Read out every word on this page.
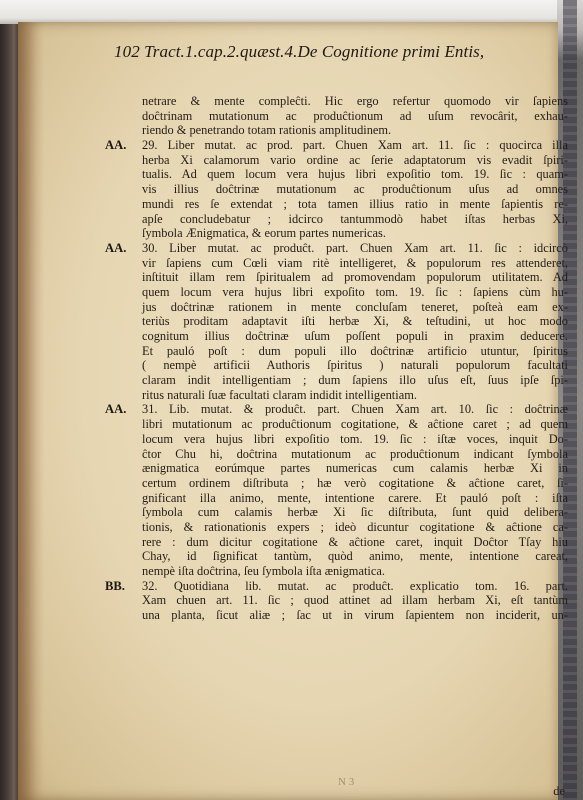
102 Tract.1.cap.2.quæst.4.De Cognitione primi Entis,
netrare & mente compleĉti. Hic ergo refertur quomodo vir ſapiens
doĉtrinam mutationum ac produĉtionum ad uſum revocârit, exhau-
riendo & penetrando totam rationis amplitudinem.
AA. 29. Liber mutat. ac prod. part. Chuen Xam art. 11. ſic : quocirca illa
herba Xi calamorum vario ordine ac ſerie adaptatorum vis evadit ſpiri-
tualis. Ad quem locum vera hujus libri expoſitio tom. 19. ſic : quam-
vis illius doĉtrinæ mutationum ac produĉtionum uſus ad omnes
mundi res ſe extendat ; tota tamen illius ratio in mente ſapientis re-
apſe concludebatur ; idcirco tantummodò habet iſtas herbas Xi,
ſymbola Ænigmatica, & eorum partes numericas.
AA. 30. Liber mutat. ac produĉt. part. Chuen Xam art. 11. ſic : idcircò
vir ſapiens cum Cœli viam ritè intelligeret, & populorum res attenderet,
inſtituit illam rem ſpiritualem ad promovendam populorum utilitatem. Ad
quem locum vera hujus libri expoſito tom. 19. ſic : ſapiens cùm hu-
jus doĉtrinæ rationem in mente concluſam teneret, poſteà eam ex-
teriùs proditam adaptavit iſti herbæ Xi, & teſtudini, ut hoc modo
cognitum illius doĉtrinæ uſum poſſent populi in praxim deducere.
Et pauló poſt : dum populi illo doĉtrinæ artificio utuntur, ſpiritus
( nempè artificii Authoris ſpiritus ) naturali populorum facultati
claram indit intelligentiam ; dum ſapiens illo uſus eſt, ſuus ipſe ſpi-
ritus naturali ſuæ facultati claram indidit intelligentiam.
AA. 31. Lib. mutat. & produĉt. part. Chuen Xam art. 10. ſic : doĉtrinæ
libri mutationum ac produĉtionum cogitatione, & aĉtione caret ; ad quem
locum vera hujus libri expoſitio tom. 19. ſic : iſtæ voces, inquit Do-
ĉtor Chu hi, doĉtrina mutationum ac produĉtionum indicant ſymbola
ænigmatica eorúmque partes numericas cum calamis herbæ Xi in
certum ordinem diſtributa ; hæ verò cogitatione & aĉtione caret, ſi-
gnificant illa animo, mente, intentione carere. Et pauló poſt : iſta
ſymbola cum calamis herbæ Xi ſic diſtributa, ſunt quid delibera-
tionis, & rationationis expers ; ideò dicuntur cogitatione & aĉtione ca-
rere : dum dicitur cogitatione & aĉtione caret, inquit Doĉtor Tſay hiu
Chay, id ſignificat tantùm, quòd animo, mente, intentione careat,
nempè iſta doĉtrina, ſeu ſymbola iſta ænigmatica.
BB. 32. Quotidiana lib. mutat. ac produĉt. explicatio tom. 16. part.
Xam chuen art. 11. ſic ; quod attinet ad illam herbam Xi, eſt tantùm
una planta, ſicut aliæ ; ſac ut in virum ſapientem non inciderit, un-
N 3
de
